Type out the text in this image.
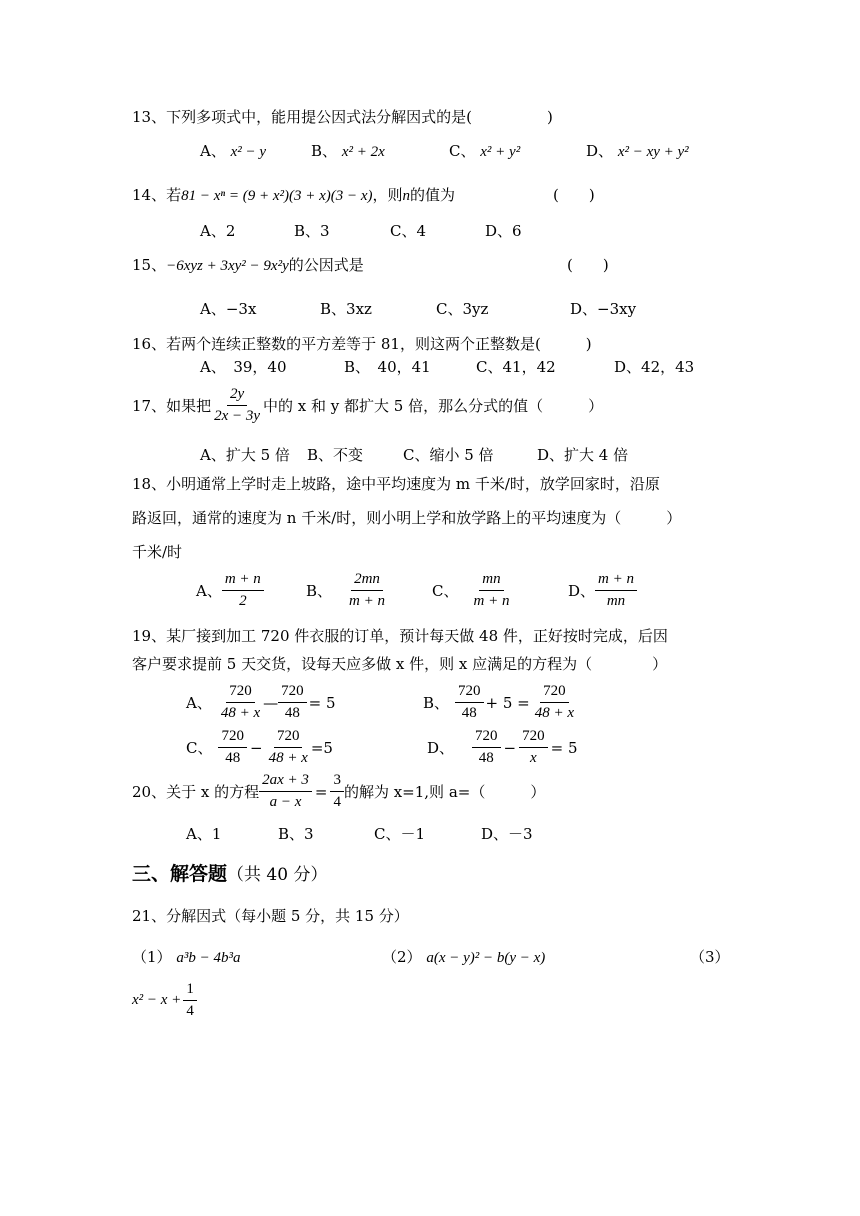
13、下列多项式中，能用提公因式法分解因式的是(　　　　　)
A、 x² − y	B、 x² + 2x	C、 x² + y²	D、 x² − xy + y²
14、若81 − xⁿ = (9 + x²)(3 + x)(3 − x)，则n的值为	(　　)
A、2	B、3	C、4	D、6
15、−6xyz + 3xy² − 9x²y的公因式是	(　　)
A、−3x	B、3xz	C、3yz	D、−3xy
16、若两个连续正整数的平方差等于 81，则这两个正整数是(　　　)
A、　39，40	B、　40，41	C、41，42	D、42，43
17、如果把 $\frac{2y}{2x - 3y}$ 中的 x 和 y 都扩大 5 倍，那么分式的值（　　　）
A、扩大 5 倍 B、不变	C、缩小 5 倍	D、扩大 4 倍
18、小明通常上学时走上坡路，途中平均速度为 m 千米/时，放学回家时，沿原
路返回，通常的速度为 n 千米/时，则小明上学和放学路上的平均速度为（　　　）
千米/时
A、 $\frac{m + n}{2}$	B、 $\frac{2mn}{m + n}$	C、 $\frac{mn}{m + n}$	D、 $\frac{m + n}{mn}$
19、某厂接到加工 720 件衣服的订单，预计每天做 48 件，正好按时完成，后因
客户要求提前 5 天交货，设每天应多做 x 件，则 x 应满足的方程为（　　　　）
A、 $\frac{720}{48 + x}$ — $\frac{720}{48} = 5$	B、 $\frac{720}{48} + 5 = \frac{720}{48 + x}$
C、 $\frac{720}{48} - \frac{720}{48 + x} =5$	D、 $\frac{720}{48} - \frac{720}{x} = 5$
20、关于 x 的方程 $\frac{2ax + 3}{a - x} = \frac{3}{4}$ 的解为 x=1,则 a=（　　　）
A、1	B、3	C、－1	D、－3
三、解答题（共 40 分）
21、分解因式（每小题 5 分，共 15 分）
（1） a³b − 4b³a	（2） a(x − y)² − b(y − x)	（3）
$x^2 - x + \frac{1}{4}$
